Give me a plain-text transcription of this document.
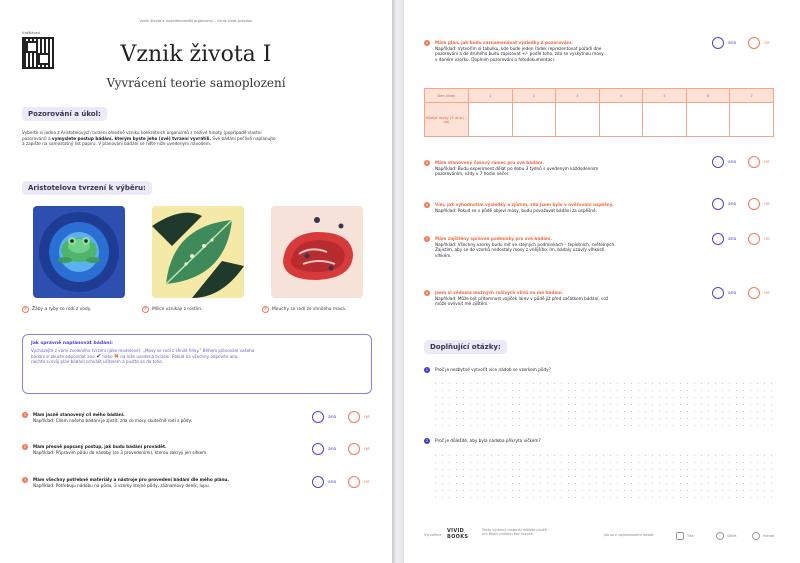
Vznik života a mojedenodušší organismy – Vznik život pravdou
Vzdělávací
Vznik života I
Vyvrácení teorie samoplození
Pozorování a úkol:
Vyberte si jedno z Aristotelových tvrzení ohledně vzniku konkrétních organismů z neživé hmoty (popřípadě vlastní
pozorování) a vymyslete postup bádání, kterým byste jeho (své) tvrzení vyvrátili. Své bádání pečlivě naplánujte
a zapište na samostatný list papíru. V plánování bádání se řiďte níže uvedeným návodem.
Aristotelova tvrzení k výběru:
✕	Žáby a ryby se rodí z vody.	✕	Mšice vznikají z rostlin.	✕	Mouchy se rodí ze shnilého masa.
Jak správně naplánovat bádání:
Vycházejte z vámi zvoleného tvrzení (jako modelové): „Mosy se rodí z shnilé hlíny." Během plánování vašeho
bádání si zkuste odpovídat ano ✔ nebo ✖ na níže uvedená tvrzení. Pokud na všechny odpovíte ano,
nechte si svůj plán bádání schválit učitelem a pusťte se do toho.
1	Mám jasně stanovený cíl mého bádání.
Například: Cílem našeho bádání je zjistit, zda se mosy skutečně rodí z půdy.
ano	ne
2	Mám přesně popsaný postup, jak budu bádání provádět.
Například: Připravím půdu do nádoby (se 3 provedeními), kterou zakryji jen sítkem.
ano	ne
3	Mám všechny potřebné materiály a nástroje pro provedení bádání dle mého plánu.
Například: Potřebuju nádobu na půdu, 3 vzorky stejné půdy, záznamový deník, lupu.
ano	ne
4	Mám plán, jak budu zaznamenávat výsledky a pozorování.
Například: Vytvořím si tabulku, kde bude jeden řádek reprezentovat pořadí dne
pozorování a do druhého budu zapisovat +/- podle toho, zda se vyskytnou mosy
v daném vzorku. Doplním pozorování o fotodokumentaci.
ano	ne
Den (dne)	1	2	3	4	5	6	7
Výskyt mosy (+ ano / – ne)							
5	Mám stanovený časový rámec pro své bádání.
Například: Budu experiment dělat po dobu 3 týdnů s uvedeným každodenním
pozorováním, vždy v 7 hodin večer.
ano	ne
6	Vím, jak vyhodnotím výsledky a zjistím, zda jsem bylo v ověřování úspěšný.
Například: Pokud se v půdě objeví mosy, budu považovat bádání za úspěšné.
ano	ne
7	Mám zajištěny správné podmínky pro své bádání.
Například: Všechny vzorky budu mít ve stejných podmínkách – teplotních, světelných.
Zajistím, aby se do vzorků nedostaly mosy z vnějšího. Im, bádaly uzavřy vlhkosti,
vlhkém.
ano	ne
8	Jsem si vědomá možných rušivých vlivů na mé bádání.
Například: Může být přítomnost vajíček larev v půdě již před začátkem bádání, což
může ovlivnit mé zjištění.
ano	ne
Doplňující otázky:
1	Proč je nezbytné vytvořit více nádob se vzorkem půdy?
2	Proč je důležité, aby byla nádoba přikryta víčkem?
Vytvořeno
VIVID
BOOKS
Tento výukový materiál můžete použít
pro školní potřebu bez licence.	Jak se k zajímavostem dostat	Tisk	Sdílet	Hledat
